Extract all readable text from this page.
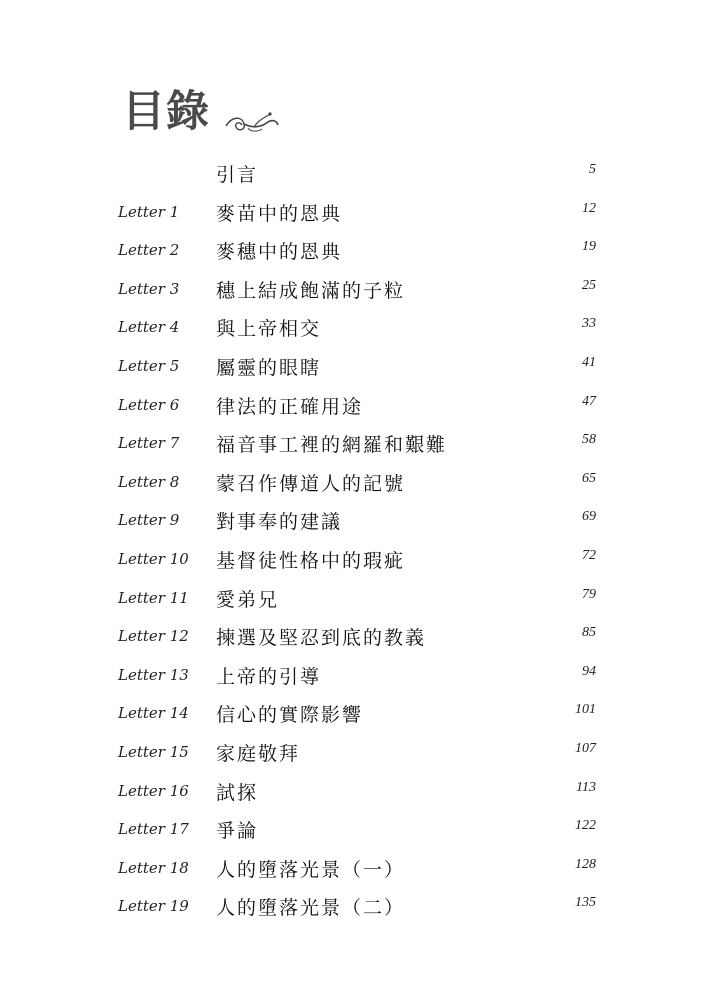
目錄
引言	5
Letter 1	麥苗中的恩典	12
Letter 2	麥穗中的恩典	19
Letter 3	穗上結成飽滿的子粒	25
Letter 4	與上帝相交	33
Letter 5	屬靈的眼瞎	41
Letter 6	律法的正確用途	47
Letter 7	福音事工裡的網羅和艱難	58
Letter 8	蒙召作傳道人的記號	65
Letter 9	對事奉的建議	69
Letter 10	基督徒性格中的瑕疵	72
Letter 11	愛弟兄	79
Letter 12	揀選及堅忍到底的教義	85
Letter 13	上帝的引導	94
Letter 14	信心的實際影響	101
Letter 15	家庭敬拜	107
Letter 16	試探	113
Letter 17	爭論	122
Letter 18	人的墮落光景（一）	128
Letter 19	人的墮落光景（二）	135
